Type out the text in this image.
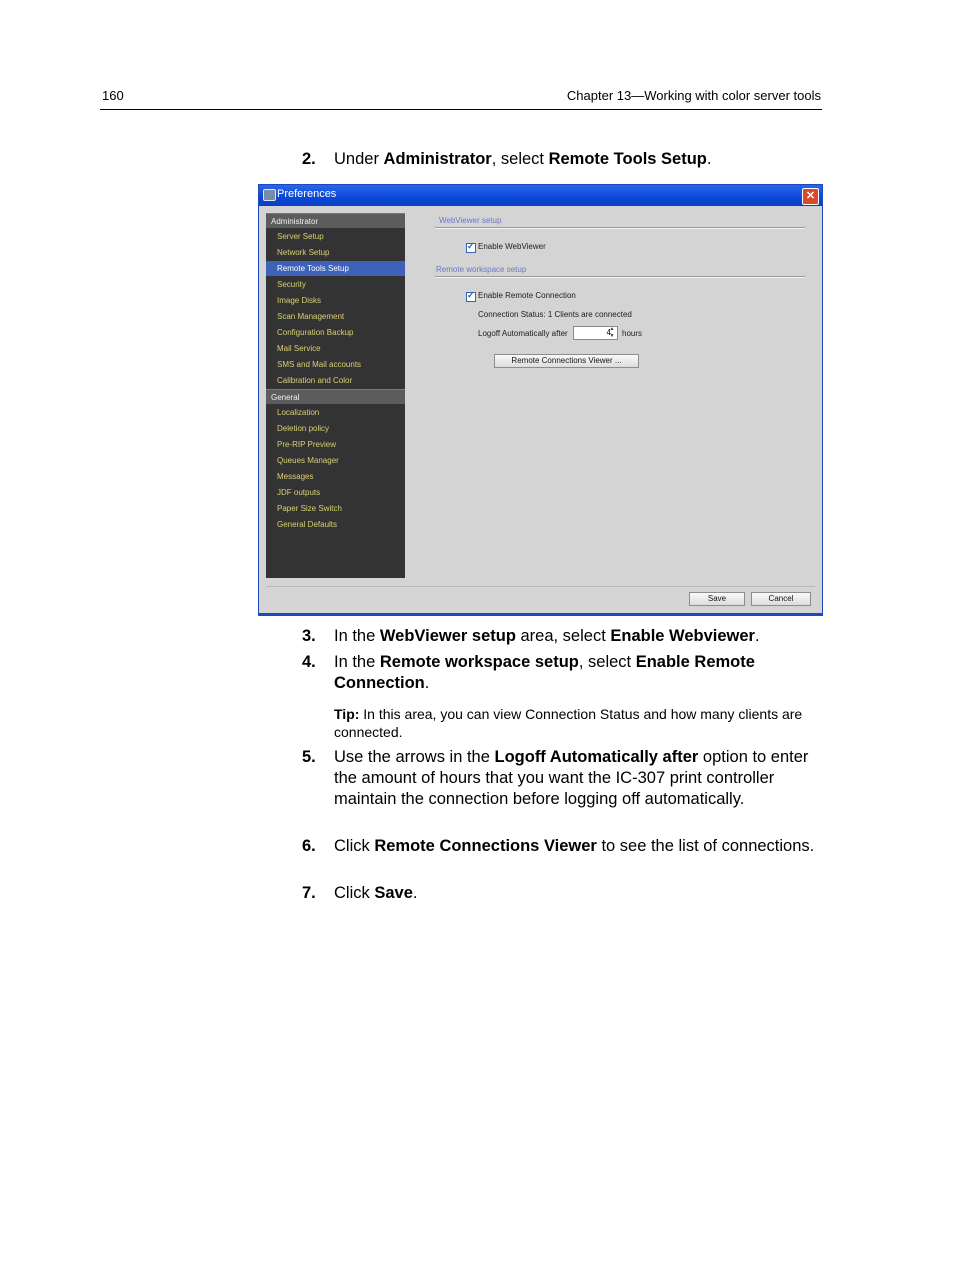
160	Chapter 13—Working with color server tools
2. Under Administrator, select Remote Tools Setup.
Preferences	✕
Administrator
Server Setup
Network Setup
Remote Tools Setup
Security
Image Disks
Scan Management
Configuration Backup
Mail Service
SMS and Mail accounts
Calibration and Color
General
Localization
Deletion policy
Pre-RIP Preview
Queues Manager
Messages
JDF outputs
Paper Size Switch
General Defaults
WebViewer setup
✓
Enable WebViewer
Remote workspace setup
✓
Enable Remote Connection
Connection Status: 1 Clients are connected
Logoff Automatically after	4
▲
▼ hours
Remote Connections Viewer ...
Save	Cancel
3. In the WebViewer setup area, select Enable Webviewer.
4. In the Remote workspace setup, select Enable Remote Connection.
Tip: In this area, you can view Connection Status and how many clients are connected.
5. Use the arrows in the Logoff Automatically after option to enter the amount of hours that you want the IC-307 print controller maintain the connection before logging off automatically.
6. Click Remote Connections Viewer to see the list of connections.
7. Click Save.
